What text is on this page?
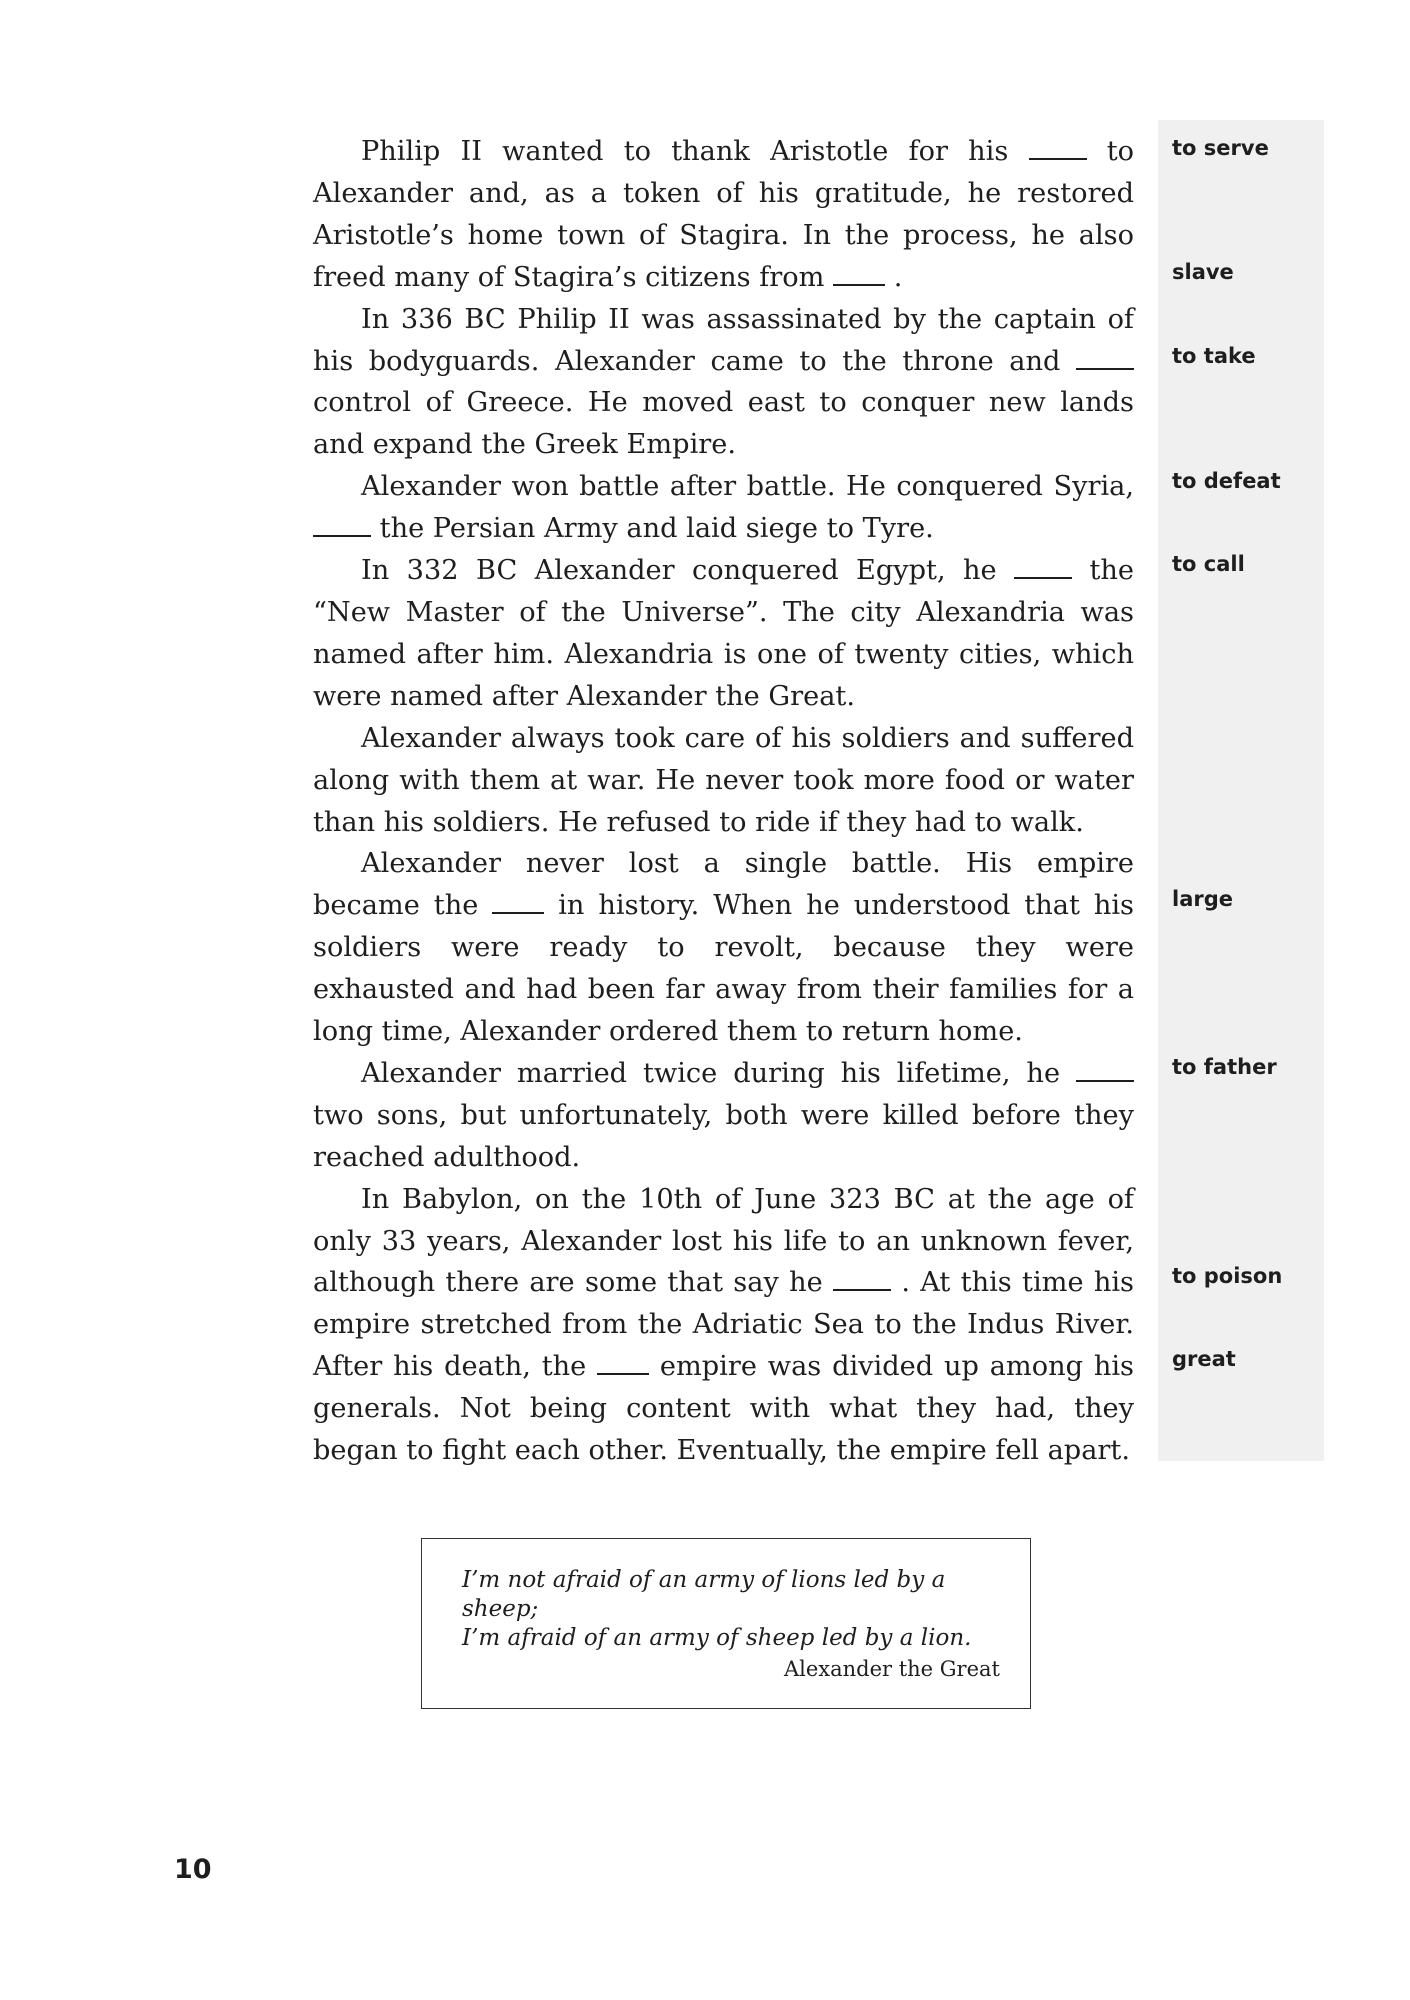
Philip II wanted to thank Aristotle for his  to Alexander and, as a token of his gratitude, he restored Aristotle’s home town of Stagira. In the process, he also freed many of Stagira’s citizens from  .

In 336 BC Philip II was assassinated by the captain of his bodyguards. Alexander came to the throne and  control of Greece. He moved east to conquer new lands and expand the Greek Empire.

Alexander won battle after battle. He conquered Syria,  the Persian Army and laid siege to Tyre.

In 332 BC Alexander conquered Egypt, he  the “New Master of the Universe”. The city Alexandria was named after him. Alexandria is one of twenty cities, which were named after Alexander the Great.

Alexander always took care of his soldiers and suffered along with them at war. He never took more food or water than his soldiers. He refused to ride if they had to walk.

Alexander never lost a single battle. His empire became the  in history. When he understood that his soldiers were ready to revolt, because they were exhausted and had been far away from their families for a long time, Alexander ordered them to return home.

Alexander married twice during his lifetime, he  two sons, but unfortunately, both were killed before they reached adulthood.

In Babylon, on the 10th of June 323 BC at the age of only 33 years, Alexander lost his life to an unknown fever, although there are some that say he  . At this time his empire stretched from the Adriatic Sea to the Indus River. After his death, the  empire was divided up among his generals. Not being content with what they had, they began to fight each other. Eventually, the empire fell apart.

to serve
slave
to take
to defeat
to call
large
to father
to poison
great
I’m not afraid of an army of lions led by a sheep;
I’m afraid of an army of sheep led by a lion.
Alexander the Great
10
